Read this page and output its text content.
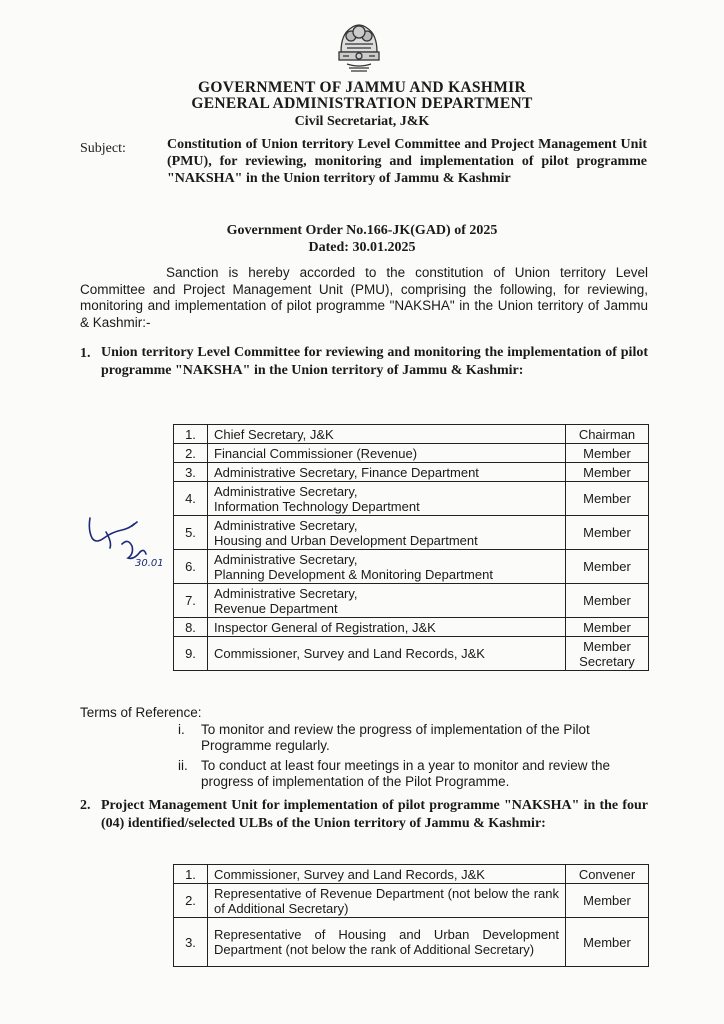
GOVERNMENT OF JAMMU AND KASHMIR
GENERAL ADMINISTRATION DEPARTMENT
Civil Secretariat, J&K
Subject:	Constitution of Union territory Level Committee and Project Management Unit (PMU), for reviewing, monitoring and implementation of pilot programme "NAKSHA" in the Union territory of Jammu & Kashmir
Government Order No.166-JK(GAD) of 2025
Dated: 30.01.2025
Sanction is hereby accorded to the constitution of Union territory Level Committee and Project Management Unit (PMU), comprising the following, for reviewing, monitoring and implementation of pilot programme "NAKSHA" in the Union territory of Jammu & Kashmir:-
1. Union territory Level Committee for reviewing and monitoring the implementation of pilot programme "NAKSHA" in the Union territory of Jammu & Kashmir:
1.	Chief Secretary, J&K	Chairman

2.	Financial Commissioner (Revenue)	Member

3.	Administrative Secretary, Finance Department	Member

4.	Administrative Secretary,
Information Technology Department	Member

5.	Administrative Secretary,
Housing and Urban Development Department	Member

6.	Administrative Secretary,
Planning Development & Monitoring Department	Member

7.	Administrative Secretary,
Revenue Department	Member

8.	Inspector General of Registration, J&K	Member

9.	Commissioner, Survey and Land Records, J&K	Member
Secretary
30.01
Terms of Reference:
i.	To monitor and review the progress of implementation of the Pilot Programme regularly.
ii. To conduct at least four meetings in a year to monitor and review the progress of implementation of the Pilot Programme.
2. Project Management Unit for implementation of pilot programme "NAKSHA" in the four (04) identified/selected ULBs of the Union territory of Jammu & Kashmir:
1.	Commissioner, Survey and Land Records, J&K	Convener
2.	Representative of Revenue Department (not below the rank of Additional Secretary)	Member
3.	Representative of Housing and Urban Development Department (not below the rank of Additional Secretary)	Member
